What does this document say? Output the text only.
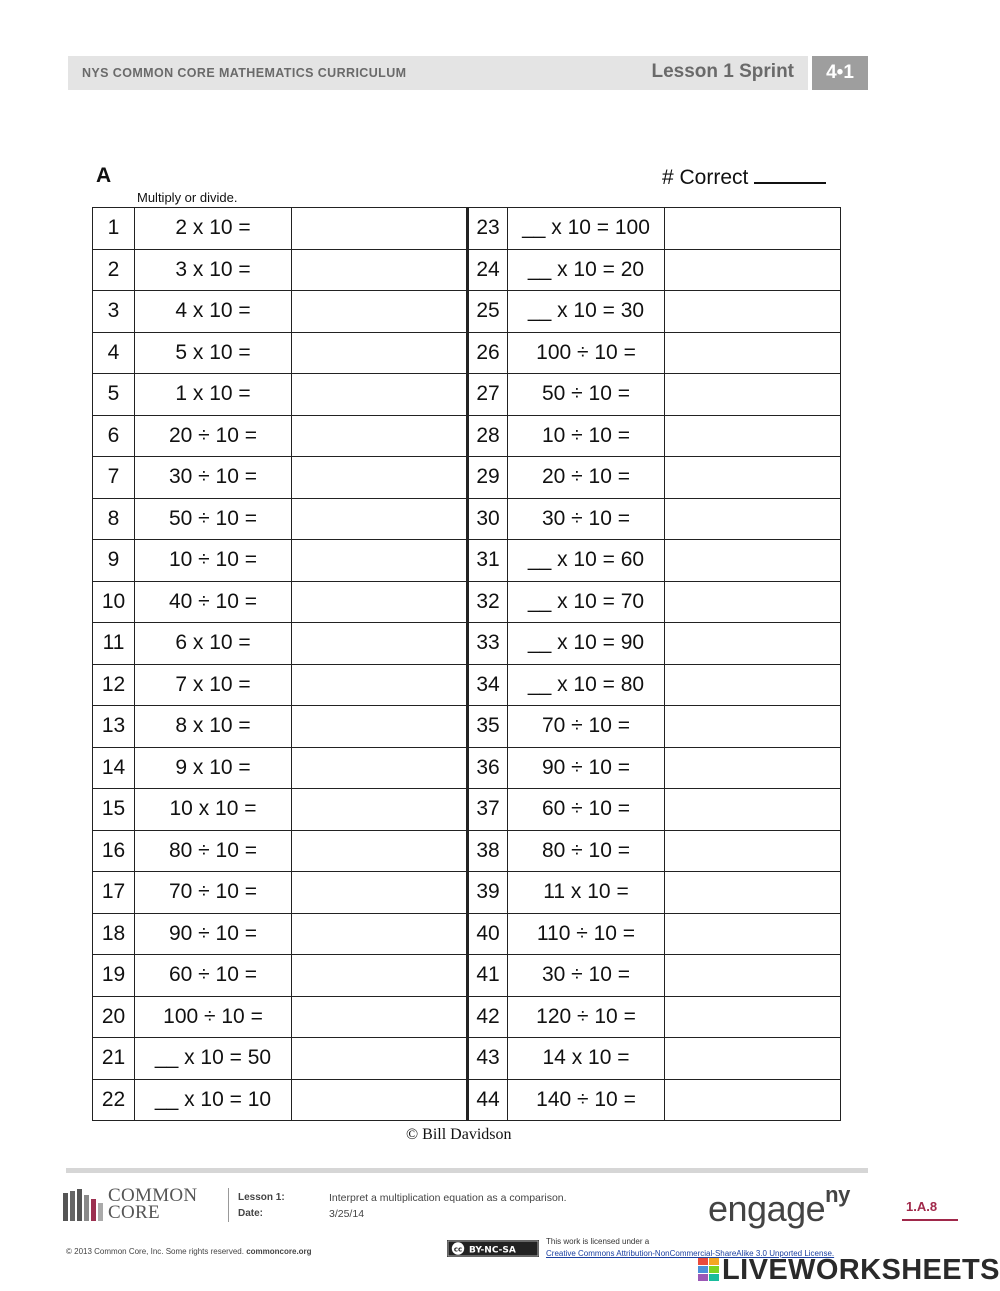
NYS COMMON CORE MATHEMATICS CURRICULUM	Lesson 1 Sprint	4•1
A
Multiply or divide.
# Correct
1	2 x 10 =		23	__ x 10 = 100	
2	3 x 10 =		24	__ x 10 = 20	
3	4 x 10 =		25	__ x 10 = 30	
4	5 x 10 =		26	100 ÷ 10 =	
5	1 x 10 =		27	50 ÷ 10 =	
6	20 ÷ 10 =		28	10 ÷ 10 =	
7	30 ÷ 10 =		29	20 ÷ 10 =	
8	50 ÷ 10 =		30	30 ÷ 10 =	
9	10 ÷ 10 =		31	__ x 10 = 60	
10	40 ÷ 10 =		32	__ x 10 = 70	
11	6 x 10 =		33	__ x 10 = 90	
12	7 x 10 =		34	__ x 10 = 80	
13	8 x 10 =		35	70 ÷ 10 =	
14	9 x 10 =		36	90 ÷ 10 =	
15	10 x 10 =		37	60 ÷ 10 =	
16	80 ÷ 10 =		38	80 ÷ 10 =	
17	70 ÷ 10 =		39	11 x 10 =	
18	90 ÷ 10 =		40	110 ÷ 10 =	
19	60 ÷ 10 =		41	30 ÷ 10 =	
20	100 ÷ 10 =		42	120 ÷ 10 =	
21	__ x 10 = 50		43	14 x 10 =	
22	__ x 10 = 10		44	140 ÷ 10 =	
© Bill Davidson
COMMON
CORE
Lesson 1:
Date:
Interpret a multiplication equation as a comparison.
3/25/14	engage$^{ny}$	1.A.8
© 2013 Common Core, Inc. Some rights reserved. commoncore.org	cc BY-NC-SA
This work is licensed under a
Creative Commons Attribution-NonCommercial-ShareAlike 3.0 Unported License.
LIVEWORKSHEETS
